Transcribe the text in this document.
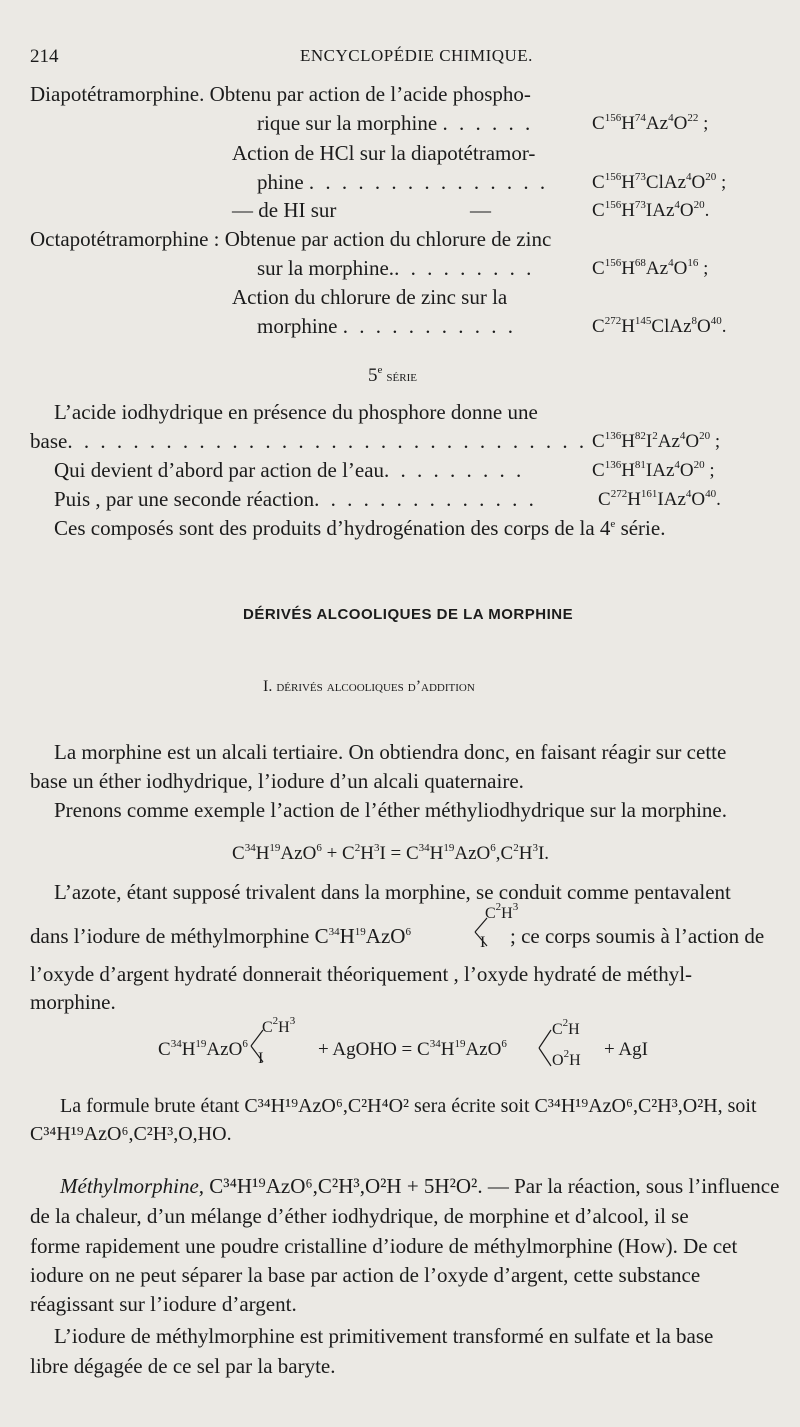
214	ENCYCLOPÉDIE CHIMIQUE.
Diapotétramorphine. Obtenu par action de l’acide phospho-
rique sur la morphine . . . . . .	$C^{156}H^{74}Az^4O^{22}$ ;
Action de HCl sur la diapotétramor-
phine . . . . . . . . . . . . . . . $C^{156}H^{73}ClAz^4O^{20}$ ;
— de HI sur	—	$C^{156}H^{73}IAz^4O^{20}$.
Octapotétramorphine : Obtenue par action du chlorure de zinc
sur la morphine.. . . . . . . . .	$C^{156}H^{68}Az^4O^{16}$ ;
Action du chlorure de zinc sur la
morphine . . . . . . . . . . .	$C^{272}H^{145}ClAz^8O^{40}$.
5e série
L’acide iodhydrique en présence du phosphore donne une
base. . . . . . . . . . . . . . . . . . . . . . . . . . . . . . . . $C^{136}H^{82}I^2Az^4O^{20}$ ;
Qui devient d’abord par action de l’eau. . . . . . . . .	$C^{136}H^{81}IAz^4O^{20}$ ;
Puis , par une seconde réaction. . . . . . . . . . . . . .	$C^{272}H^{161}IAz^4O^{40}$.
Ces composés sont des produits d’hydrogénation des corps de la 4e série.
DÉRIVÉS ALCOOLIQUES DE LA MORPHINE
I. dérivés alcooliques d’addition
La morphine est un alcali tertiaire. On obtiendra donc, en faisant réagir sur cette
base un éther iodhydrique, l’iodure d’un alcali quaternaire.
Prenons comme exemple l’action de l’éther méthyliodhydrique sur la morphine.
$C^{34}H^{19}AzO^6 + C^2H^3I = C^{34}H^{19}AzO^6,C^2H^3I$.
L’azote, étant supposé trivalent dans la morphine, se conduit comme pentavalent
dans l’iodure de méthylmorphine $C^{34}H^{19}AzO^6$
$C^2H^3$
I ; ce corps soumis à l’action de
l’oxyde d’argent hydraté donnerait théoriquement , l’oxyde hydraté de méthyl-
morphine.
$C^{34}H^{19}AzO^6$
$C^2H^3$
I	+ AgOHO = $C^{34}H^{19}AzO^6$
$C^2H$
$O^2H$
+ AgI
La formule brute étant C³⁴H¹⁹AzO⁶,C²H⁴O² sera écrite soit C³⁴H¹⁹AzO⁶,C²H³,O²H, soit
C³⁴H¹⁹AzO⁶,C²H³,O,HO.
Méthylmorphine, C³⁴H¹⁹AzO⁶,C²H³,O²H + 5H²O². — Par la réaction, sous l’influence
de la chaleur, d’un mélange d’éther iodhydrique, de morphine et d’alcool, il se
forme rapidement une poudre cristalline d’iodure de méthylmorphine (How). De cet
iodure on ne peut séparer la base par action de l’oxyde d’argent, cette substance
réagissant sur l’iodure d’argent.
L’iodure de méthylmorphine est primitivement transformé en sulfate et la base
libre dégagée de ce sel par la baryte.
